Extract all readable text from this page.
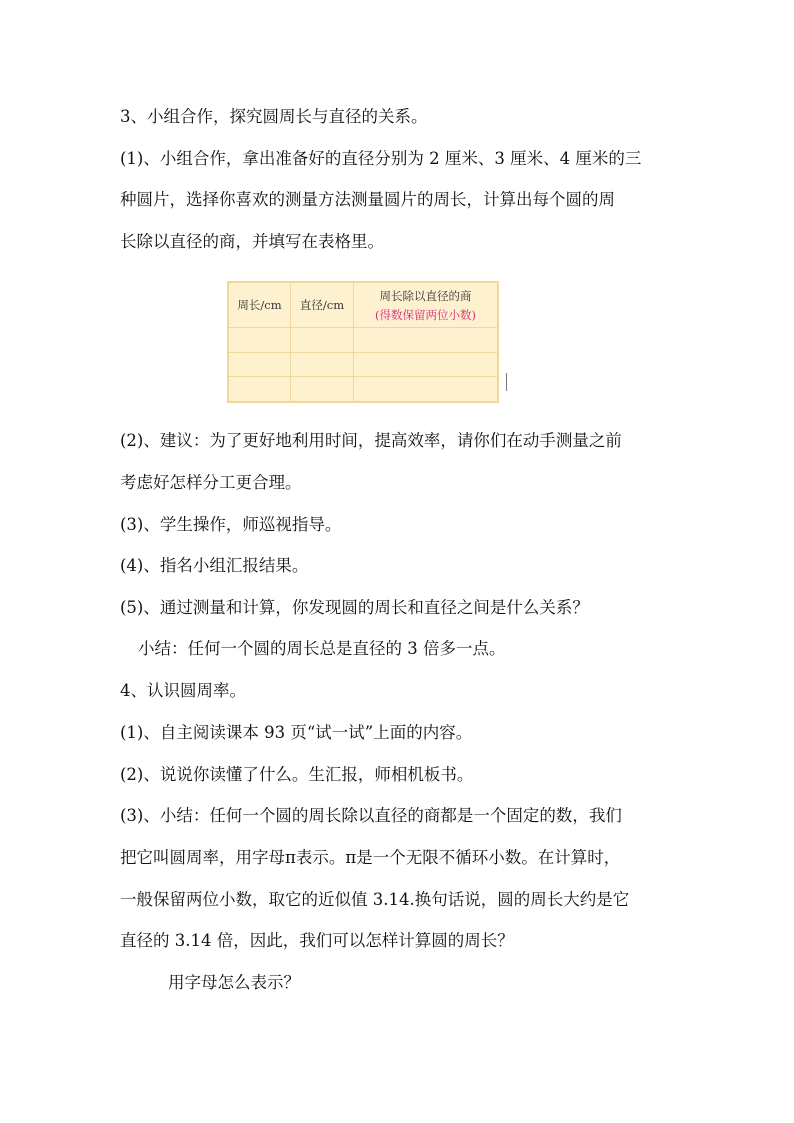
3、小组合作，探究圆周长与直径的关系。
(1)、小组合作，拿出准备好的直径分别为 2 厘米、3 厘米、4 厘米的三
种圆片，选择你喜欢的测量方法测量圆片的周长，计算出每个圆的周
长除以直径的商，并填写在表格里。
周长/cm	直径/cm	周长除以直径的商
(得数保留两位小数)

(2)、建议：为了更好地利用时间，提高效率，请你们在动手测量之前
考虑好怎样分工更合理。
(3)、学生操作，师巡视指导。
(4)、指名小组汇报结果。
(5)、通过测量和计算，你发现圆的周长和直径之间是什么关系？
小结：任何一个圆的周长总是直径的 3 倍多一点。
4、认识圆周率。
(1)、自主阅读课本 93 页“试一试”上面的内容。
(2)、说说你读懂了什么。生汇报，师相机板书。
(3)、小结：任何一个圆的周长除以直径的商都是一个固定的数，我们
把它叫圆周率，用字母π表示。π是一个无限不循环小数。在计算时，
一般保留两位小数，取它的近似值 3.14.换句话说，圆的周长大约是它
直径的 3.14 倍，因此，我们可以怎样计算圆的周长？
用字母怎么表示？
